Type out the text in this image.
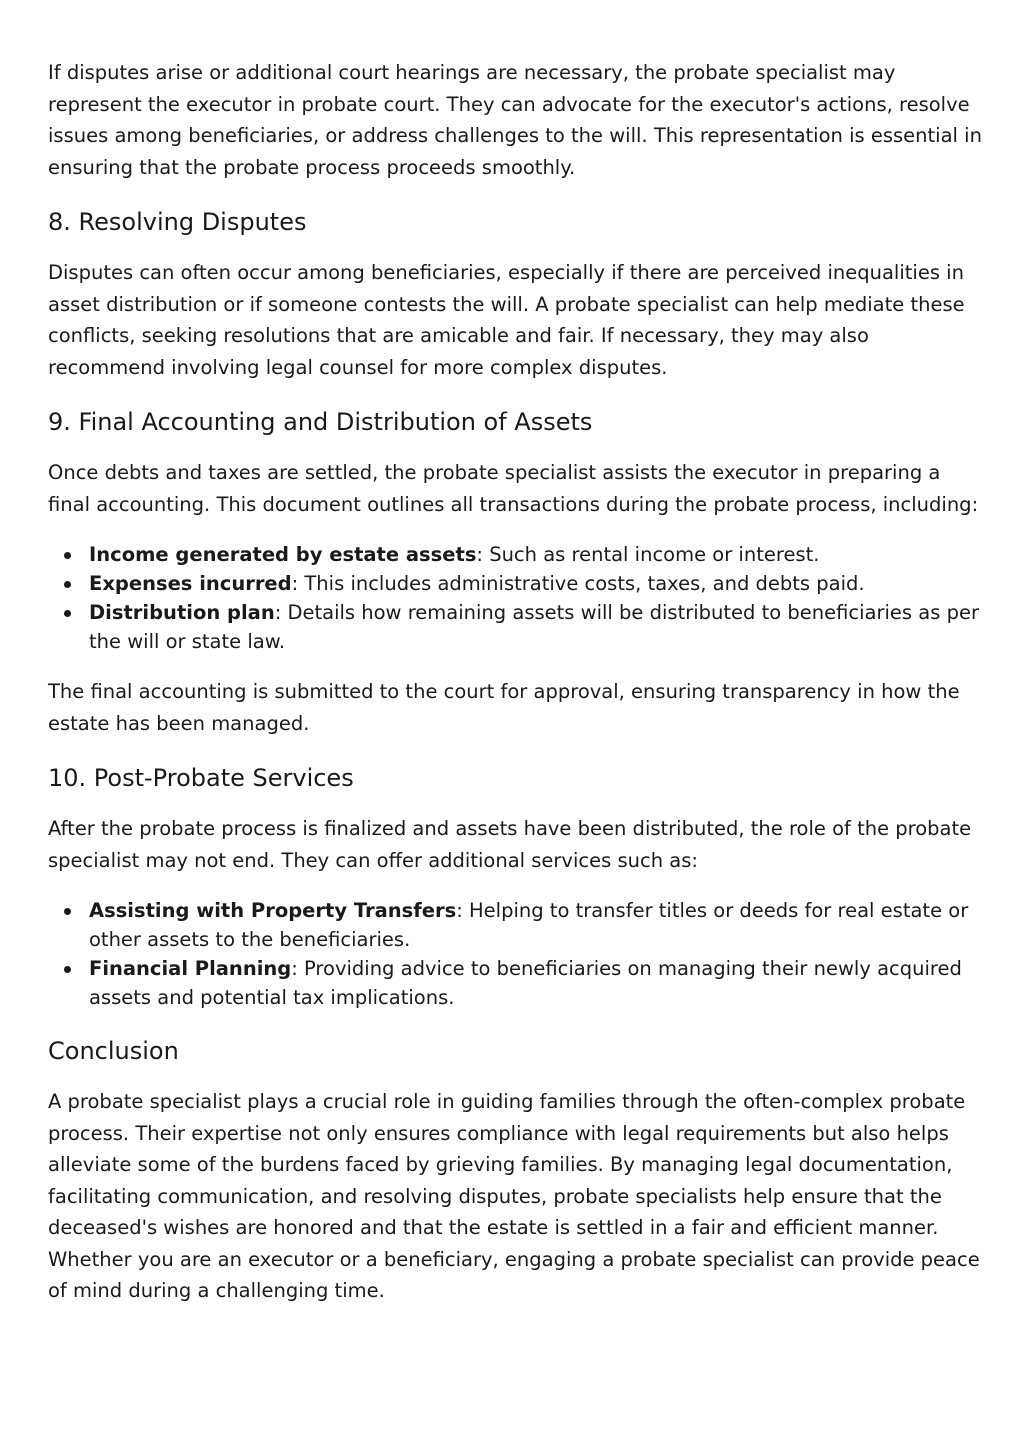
If disputes arise or additional court hearings are necessary, the probate specialist may represent the executor in probate court. They can advocate for the executor's actions, resolve issues among beneficiaries, or address challenges to the will. This representation is essential in ensuring that the probate process proceeds smoothly.

8. Resolving Disputes

Disputes can often occur among beneficiaries, especially if there are perceived inequalities in asset distribution or if someone contests the will. A probate specialist can help mediate these conflicts, seeking resolutions that are amicable and fair. If necessary, they may also recommend involving legal counsel for more complex disputes.

9. Final Accounting and Distribution of Assets

Once debts and taxes are settled, the probate specialist assists the executor in preparing a final accounting. This document outlines all transactions during the probate process, including:

Income generated by estate assets: Such as rental income or interest.
Expenses incurred: This includes administrative costs, taxes, and debts paid.
Distribution plan: Details how remaining assets will be distributed to beneficiaries as per the will or state law.

The final accounting is submitted to the court for approval, ensuring transparency in how the estate has been managed.

10. Post-Probate Services

After the probate process is finalized and assets have been distributed, the role of the probate specialist may not end. They can offer additional services such as:

Assisting with Property Transfers: Helping to transfer titles or deeds for real estate or other assets to the beneficiaries.
Financial Planning: Providing advice to beneficiaries on managing their newly acquired assets and potential tax implications.
Conclusion

A probate specialist plays a crucial role in guiding families through the often-complex probate process. Their expertise not only ensures compliance with legal requirements but also helps alleviate some of the burdens faced by grieving families. By managing legal documentation, facilitating communication, and resolving disputes, probate specialists help ensure that the deceased's wishes are honored and that the estate is settled in a fair and efficient manner. Whether you are an executor or a beneficiary, engaging a probate specialist can provide peace of mind during a challenging time.
